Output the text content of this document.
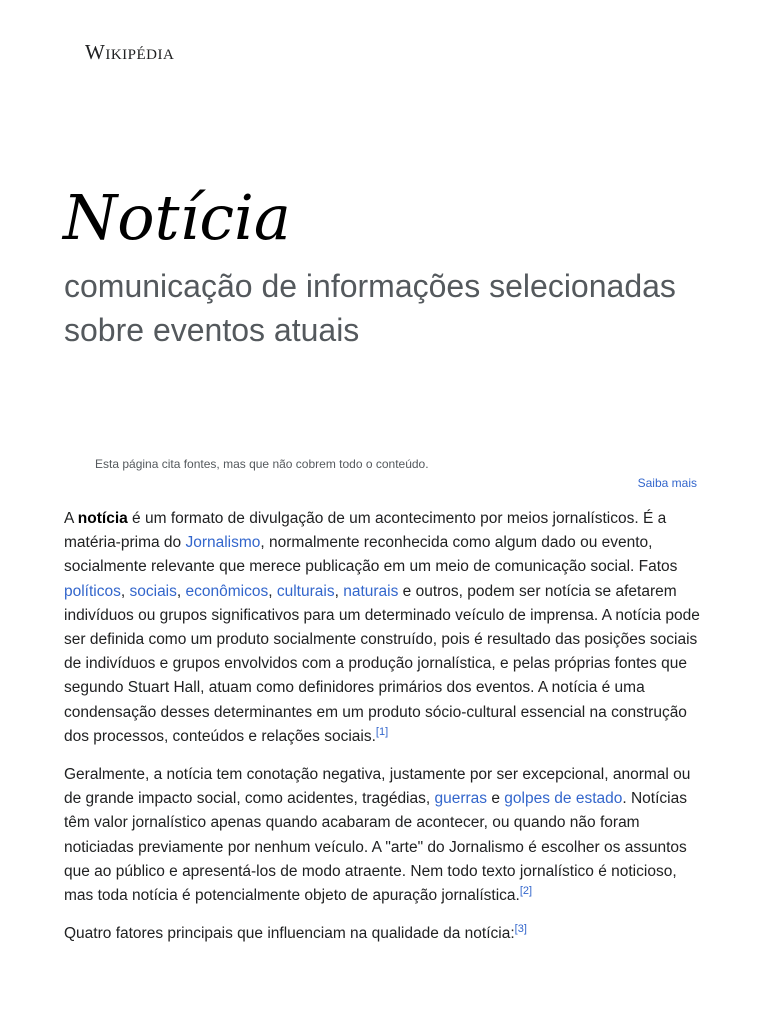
Wikipédia
Notícia
comunicação de informações selecionadas sobre eventos atuais
Esta página cita fontes, mas que não cobrem todo o conteúdo.
Saiba mais

A notícia é um formato de divulgação de um acontecimento por meios jornalísticos. É a matéria-prima do Jornalismo, normalmente reconhecida como algum dado ou evento, socialmente relevante que merece publicação em um meio de comunicação social. Fatos políticos, sociais, econômicos, culturais, naturais e outros, podem ser notícia se afetarem indivíduos ou grupos significativos para um determinado veículo de imprensa. A notícia pode ser definida como um produto socialmente construído, pois é resultado das posições sociais de indivíduos e grupos envolvidos com a produção jornalística, e pelas próprias fontes que segundo Stuart Hall, atuam como definidores primários dos eventos. A notícia é uma condensação desses determinantes em um produto sócio-cultural essencial na construção dos processos, conteúdos e relações sociais.[1]

Geralmente, a notícia tem conotação negativa, justamente por ser excepcional, anormal ou de grande impacto social, como acidentes, tragédias, guerras e golpes de estado. Notícias têm valor jornalístico apenas quando acabaram de acontecer, ou quando não foram noticiadas previamente por nenhum veículo. A "arte" do Jornalismo é escolher os assuntos que ao público e apresentá-los de modo atraente. Nem todo texto jornalístico é noticioso, mas toda notícia é potencialmente objeto de apuração jornalística.[2]

Quatro fatores principais que influenciam na qualidade da notícia:[3]
